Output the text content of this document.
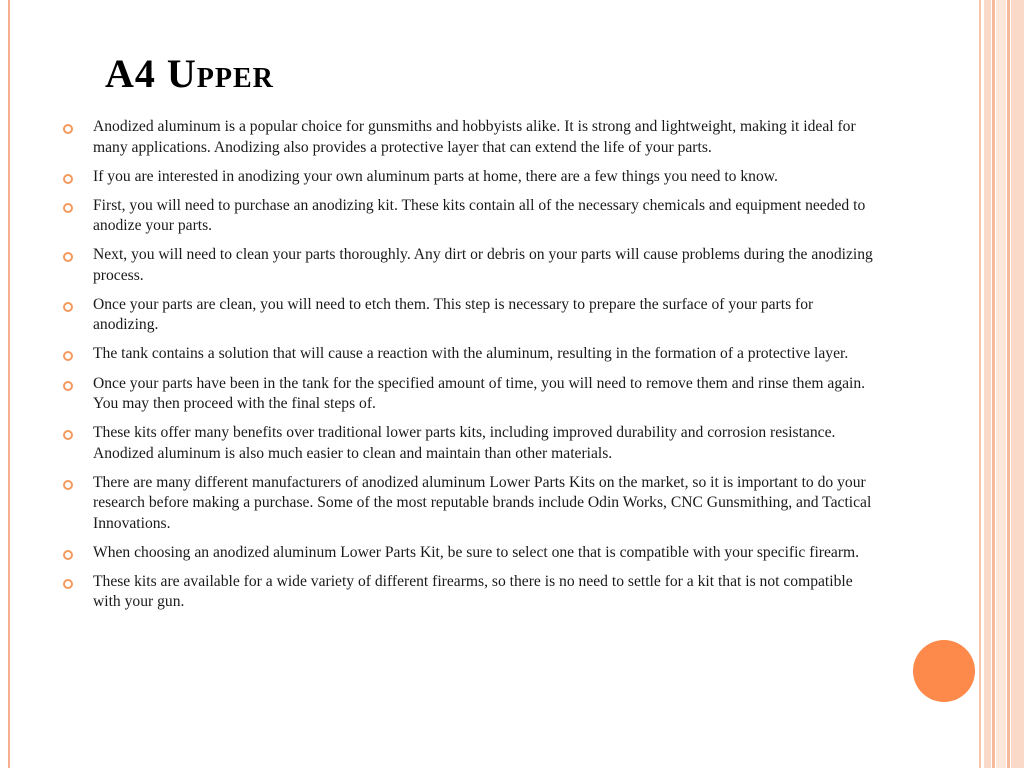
A4 Upper
Anodized aluminum is a popular choice for gunsmiths and hobbyists alike. It is strong and lightweight, making it ideal for many applications. Anodizing also provides a protective layer that can extend the life of your parts.
If you are interested in anodizing your own aluminum parts at home, there are a few things you need to know.
First, you will need to purchase an anodizing kit. These kits contain all of the necessary chemicals and equipment needed to anodize your parts.
Next, you will need to clean your parts thoroughly. Any dirt or debris on your parts will cause problems during the anodizing process.
Once your parts are clean, you will need to etch them. This step is necessary to prepare the surface of your parts for anodizing.
The tank contains a solution that will cause a reaction with the aluminum, resulting in the formation of a protective layer.
Once your parts have been in the tank for the specified amount of time, you will need to remove them and rinse them again. You may then proceed with the final steps of.
These kits offer many benefits over traditional lower parts kits, including improved durability and corrosion resistance. Anodized aluminum is also much easier to clean and maintain than other materials.
There are many different manufacturers of anodized aluminum Lower Parts Kits on the market, so it is important to do your research before making a purchase. Some of the most reputable brands include Odin Works, CNC Gunsmithing, and Tactical Innovations.
When choosing an anodized aluminum Lower Parts Kit, be sure to select one that is compatible with your specific firearm.
These kits are available for a wide variety of different firearms, so there is no need to settle for a kit that is not compatible with your gun.
